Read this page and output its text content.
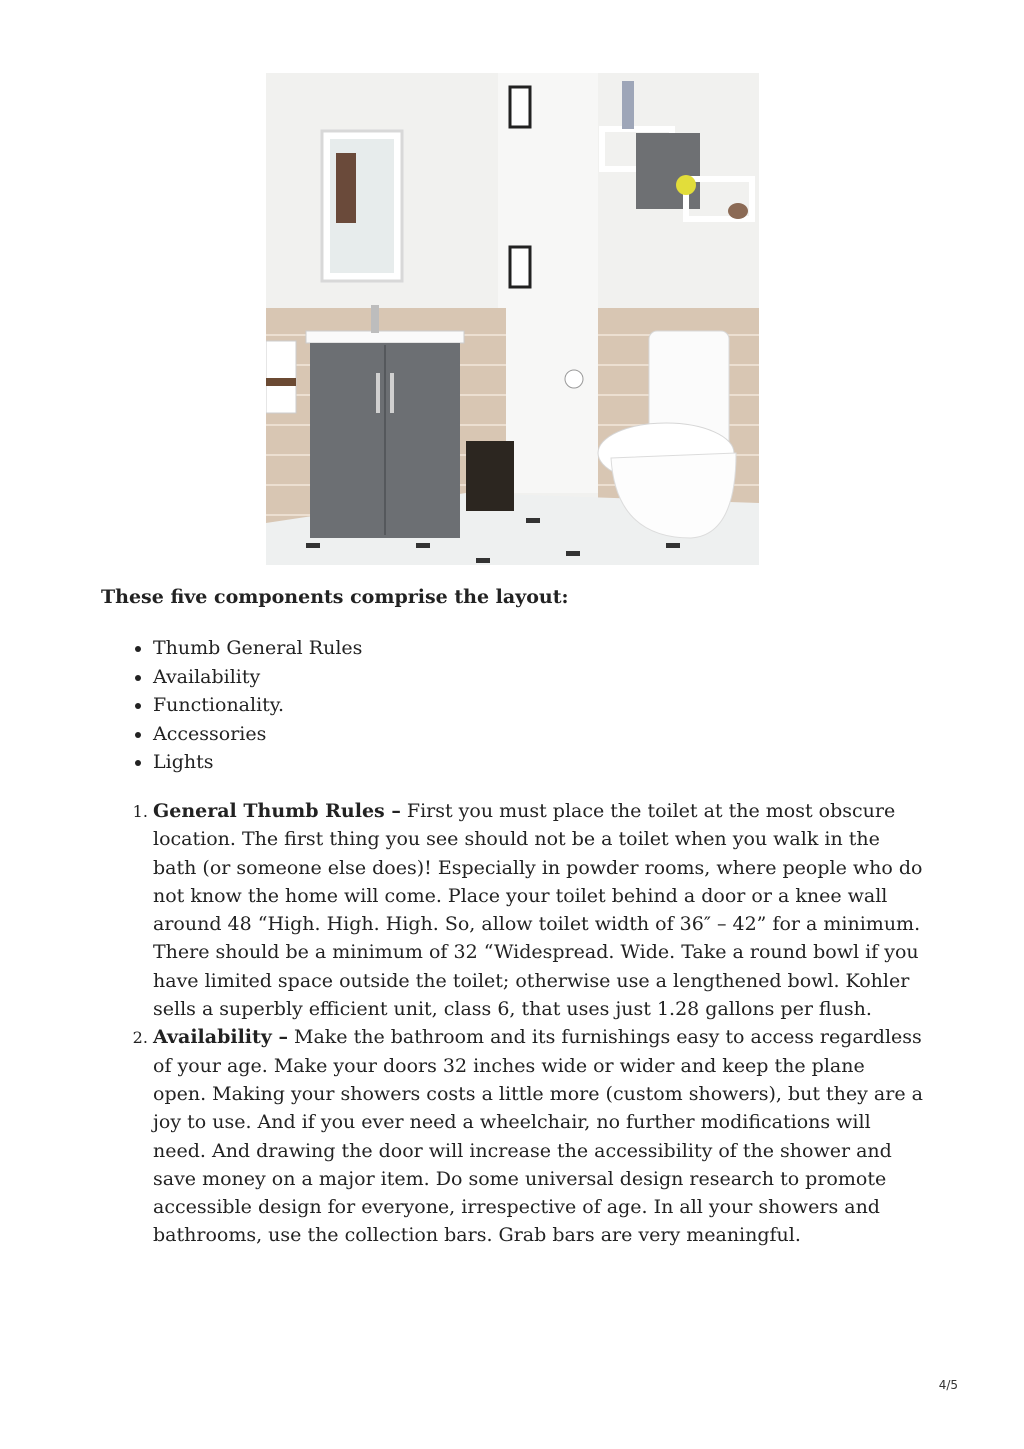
These five components comprise the layout:

• Thumb General Rules
• Availability
• Functionality.
• Accessories
• Lights
1. General Thumb Rules – First you must place the toilet at the most obscure location. The first thing you see should not be a toilet when you walk in the bath (or someone else does)! Especially in powder rooms, where people who do not know the home will come. Place your toilet behind a door or a knee wall around 48 “High. High. High. So, allow toilet width of 36″ – 42” for a minimum. There should be a minimum of 32 “Widespread. Wide. Take a round bowl if you have limited space outside the toilet; otherwise use a lengthened bowl. Kohler sells a superbly efficient unit, class 6, that uses just 1.28 gallons per flush.
2. Availability – Make the bathroom and its furnishings easy to access regardless of your age. Make your doors 32 inches wide or wider and keep the plane open. Making your showers costs a little more (custom showers), but they are a joy to use. And if you ever need a wheelchair, no further modifications will need. And drawing the door will increase the accessibility of the shower and save money on a major item. Do some universal design research to promote accessible design for everyone, irrespective of age. In all your showers and bathrooms, use the collection bars. Grab bars are very meaningful.
4/5
